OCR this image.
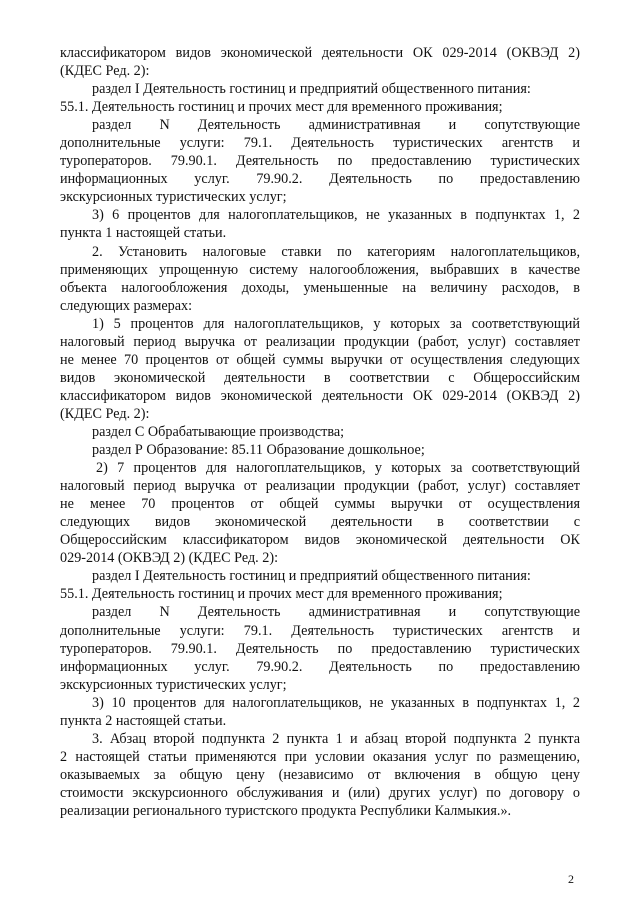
классификатором видов экономической деятельности ОК 029-2014 (ОКВЭД 2)
(КДЕС Ред. 2):
раздел I Деятельность гостиниц и предприятий общественного питания:
55.1. Деятельность гостиниц и прочих мест для временного проживания;
раздел N Деятельность административная и сопутствующие
дополнительные услуги: 79.1. Деятельность туристических агентств и
туроператоров. 79.90.1. Деятельность по предоставлению туристических
информационных услуг. 79.90.2. Деятельность по предоставлению
экскурсионных туристических услуг;
3) 6 процентов для налогоплательщиков, не указанных в подпунктах 1, 2
пункта 1 настоящей статьи.
2. Установить налоговые ставки по категориям налогоплательщиков,
применяющих упрощенную систему налогообложения, выбравших в качестве
объекта налогообложения доходы, уменьшенные на величину расходов, в
следующих размерах:
1) 5 процентов для налогоплательщиков, у которых за соответствующий
налоговый период выручка от реализации продукции (работ, услуг) составляет
не менее 70 процентов от общей суммы выручки от осуществления следующих
видов экономической деятельности в соответствии с Общероссийским
классификатором видов экономической деятельности ОК 029-2014 (ОКВЭД 2)
(КДЕС Ред. 2):
раздел С Обрабатывающие производства;
раздел Р Образование: 85.11 Образование дошкольное;
2) 7 процентов для налогоплательщиков, у которых за соответствующий
налоговый период выручка от реализации продукции (работ, услуг) составляет
не менее 70 процентов от общей суммы выручки от осуществления
следующих видов экономической деятельности в соответствии с
Общероссийским классификатором видов экономической деятельности ОК
029-2014 (ОКВЭД 2) (КДЕС Ред. 2):
раздел I Деятельность гостиниц и предприятий общественного питания:
55.1. Деятельность гостиниц и прочих мест для временного проживания;
раздел N Деятельность административная и сопутствующие
дополнительные услуги: 79.1. Деятельность туристических агентств и
туроператоров. 79.90.1. Деятельность по предоставлению туристических
информационных услуг. 79.90.2. Деятельность по предоставлению
экскурсионных туристических услуг;
3) 10 процентов для налогоплательщиков, не указанных в подпунктах 1, 2
пункта 2 настоящей статьи.
3. Абзац второй подпункта 2 пункта 1 и абзац второй подпункта 2 пункта
2 настоящей статьи применяются при условии оказания услуг по размещению,
оказываемых за общую цену (независимо от включения в общую цену
стоимости экскурсионного обслуживания и (или) других услуг) по договору о
реализации регионального туристского продукта Республики Калмыкия.».
2
